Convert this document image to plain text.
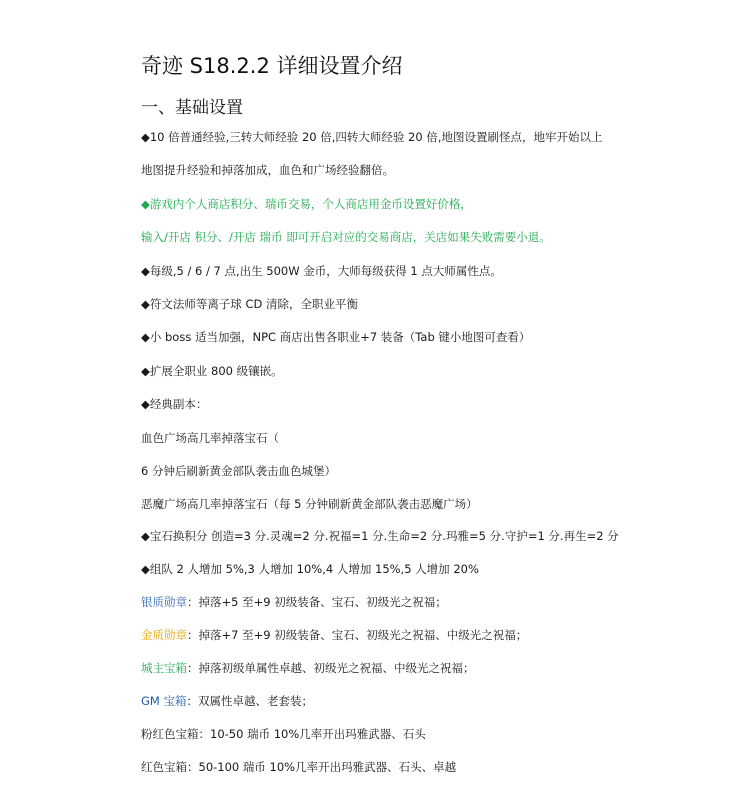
奇迹 S18.2.2 详细设置介绍
一、基础设置
◆10 倍普通经验,三转大师经验 20 倍,四转大师经验 20 倍,地图设置刷怪点，地牢开始以上
地图提升经验和掉落加成，血色和广场经验翻倍。
◆游戏内个人商店积分、瑞币交易，个人商店用金币设置好价格，
输入/开店 积分、/开店 瑞币 即可开启对应的交易商店，关店如果失败需要小退。
◆每级,5 / 6 / 7 点,出生 500W 金币，大师每级获得 1 点大师属性点。
◆符文法师等离子球 CD 清除，全职业平衡
◆小 boss 适当加强，NPC 商店出售各职业+7 装备（Tab 键小地图可查看）
◆扩展全职业 800 级镶嵌。
◆经典副本：
血色广场高几率掉落宝石（
6 分钟后刷新黄金部队袭击血色城堡）
恶魔广场高几率掉落宝石（每 5 分钟刷新黄金部队袭击恶魔广场）
◆宝石换积分 创造=3 分.灵魂=2 分.祝福=1 分.生命=2 分.玛雅=5 分.守护=1 分.再生=2 分
◆组队 2 人增加 5%,3 人增加 10%,4 人增加 15%,5 人增加 20%
银质勋章：掉落+5 至+9 初级装备、宝石、初级光之祝福；
金质勋章：掉落+7 至+9 初级装备、宝石、初级光之祝福、中级光之祝福；
城主宝箱：掉落初级单属性卓越、初级光之祝福、中级光之祝福；
GM 宝箱：双属性卓越、老套装；
粉红色宝箱：10-50 瑞币 10%几率开出玛雅武器、石头
红色宝箱：50-100 瑞币 10%几率开出玛雅武器、石头、卓越
